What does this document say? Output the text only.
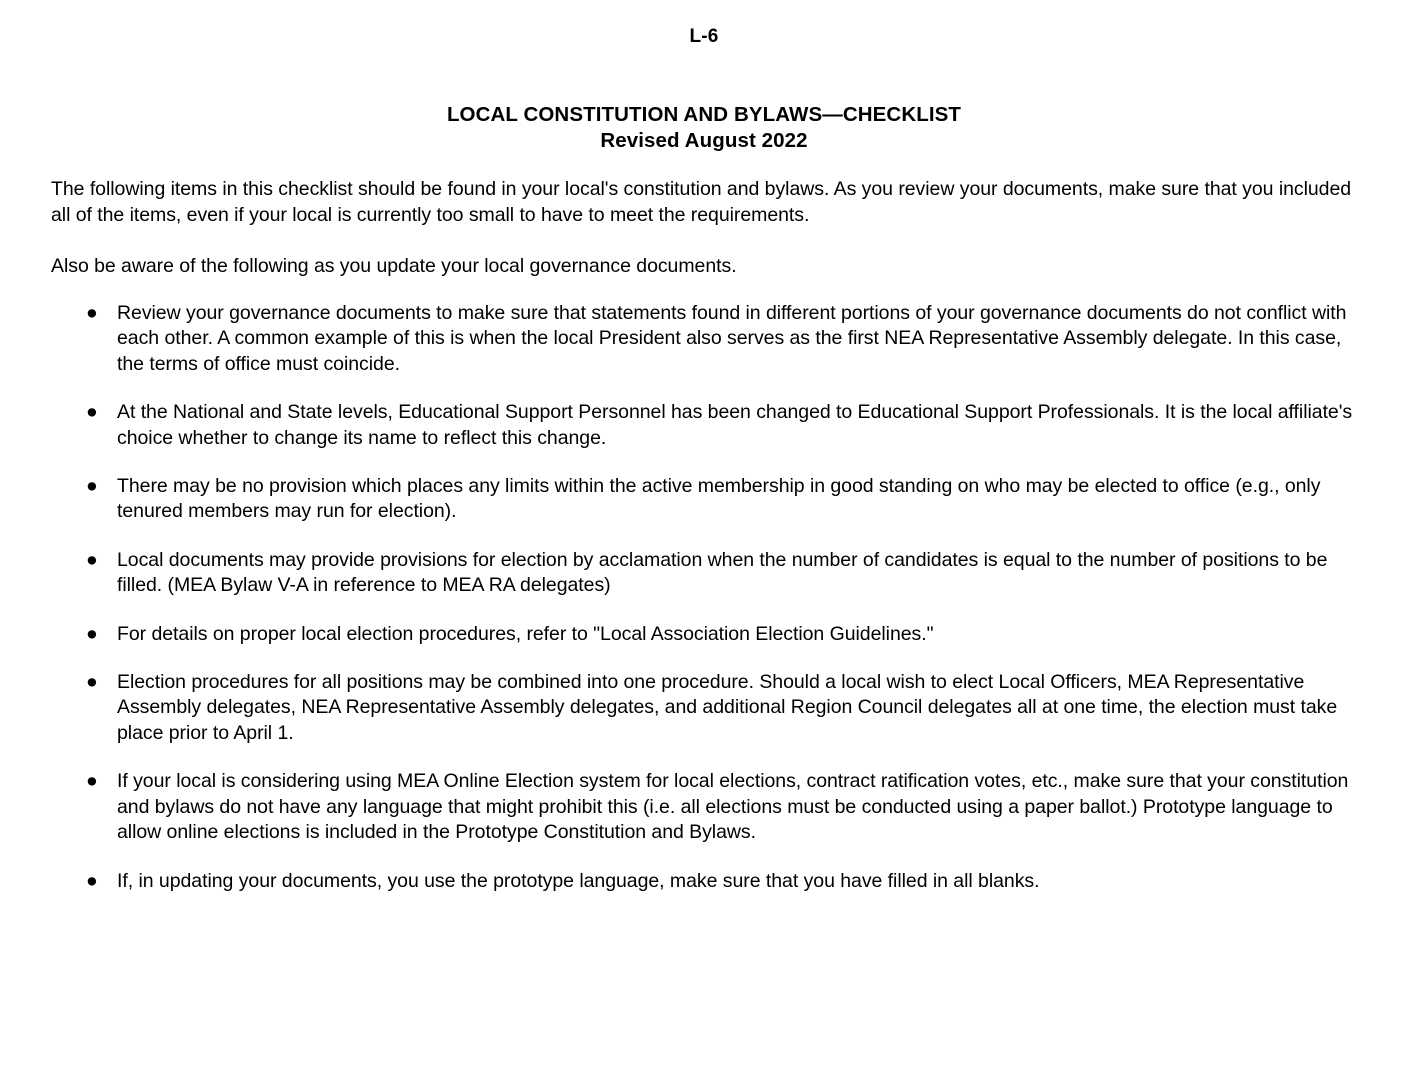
L-6
LOCAL CONSTITUTION AND BYLAWS—CHECKLIST
Revised August 2022

The following items in this checklist should be found in your local's constitution and bylaws. As you review your documents, make sure that you included all of the items, even if your local is currently too small to have to meet the requirements.

Also be aware of the following as you update your local governance documents.

● Review your governance documents to make sure that statements found in different portions of your governance documents do not conflict with each other. A common example of this is when the local President also serves as the first NEA Representative Assembly delegate. In this case, the terms of office must coincide.
● At the National and State levels, Educational Support Personnel has been changed to Educational Support Professionals. It is the local affiliate's choice whether to change its name to reflect this change.
● There may be no provision which places any limits within the active membership in good standing on who may be elected to office (e.g., only tenured members may run for election).
● Local documents may provide provisions for election by acclamation when the number of candidates is equal to the number of positions to be filled. (MEA Bylaw V-A in reference to MEA RA delegates)
● For details on proper local election procedures, refer to "Local Association Election Guidelines."
● Election procedures for all positions may be combined into one procedure. Should a local wish to elect Local Officers, MEA Representative Assembly delegates, NEA Representative Assembly delegates, and additional Region Council delegates all at one time, the election must take place prior to April 1.
● If your local is considering using MEA Online Election system for local elections, contract ratification votes, etc., make sure that your constitution and bylaws do not have any language that might prohibit this (i.e. all elections must be conducted using a paper ballot.) Prototype language to allow online elections is included in the Prototype Constitution and Bylaws.
● If, in updating your documents, you use the prototype language, make sure that you have filled in all blanks.
